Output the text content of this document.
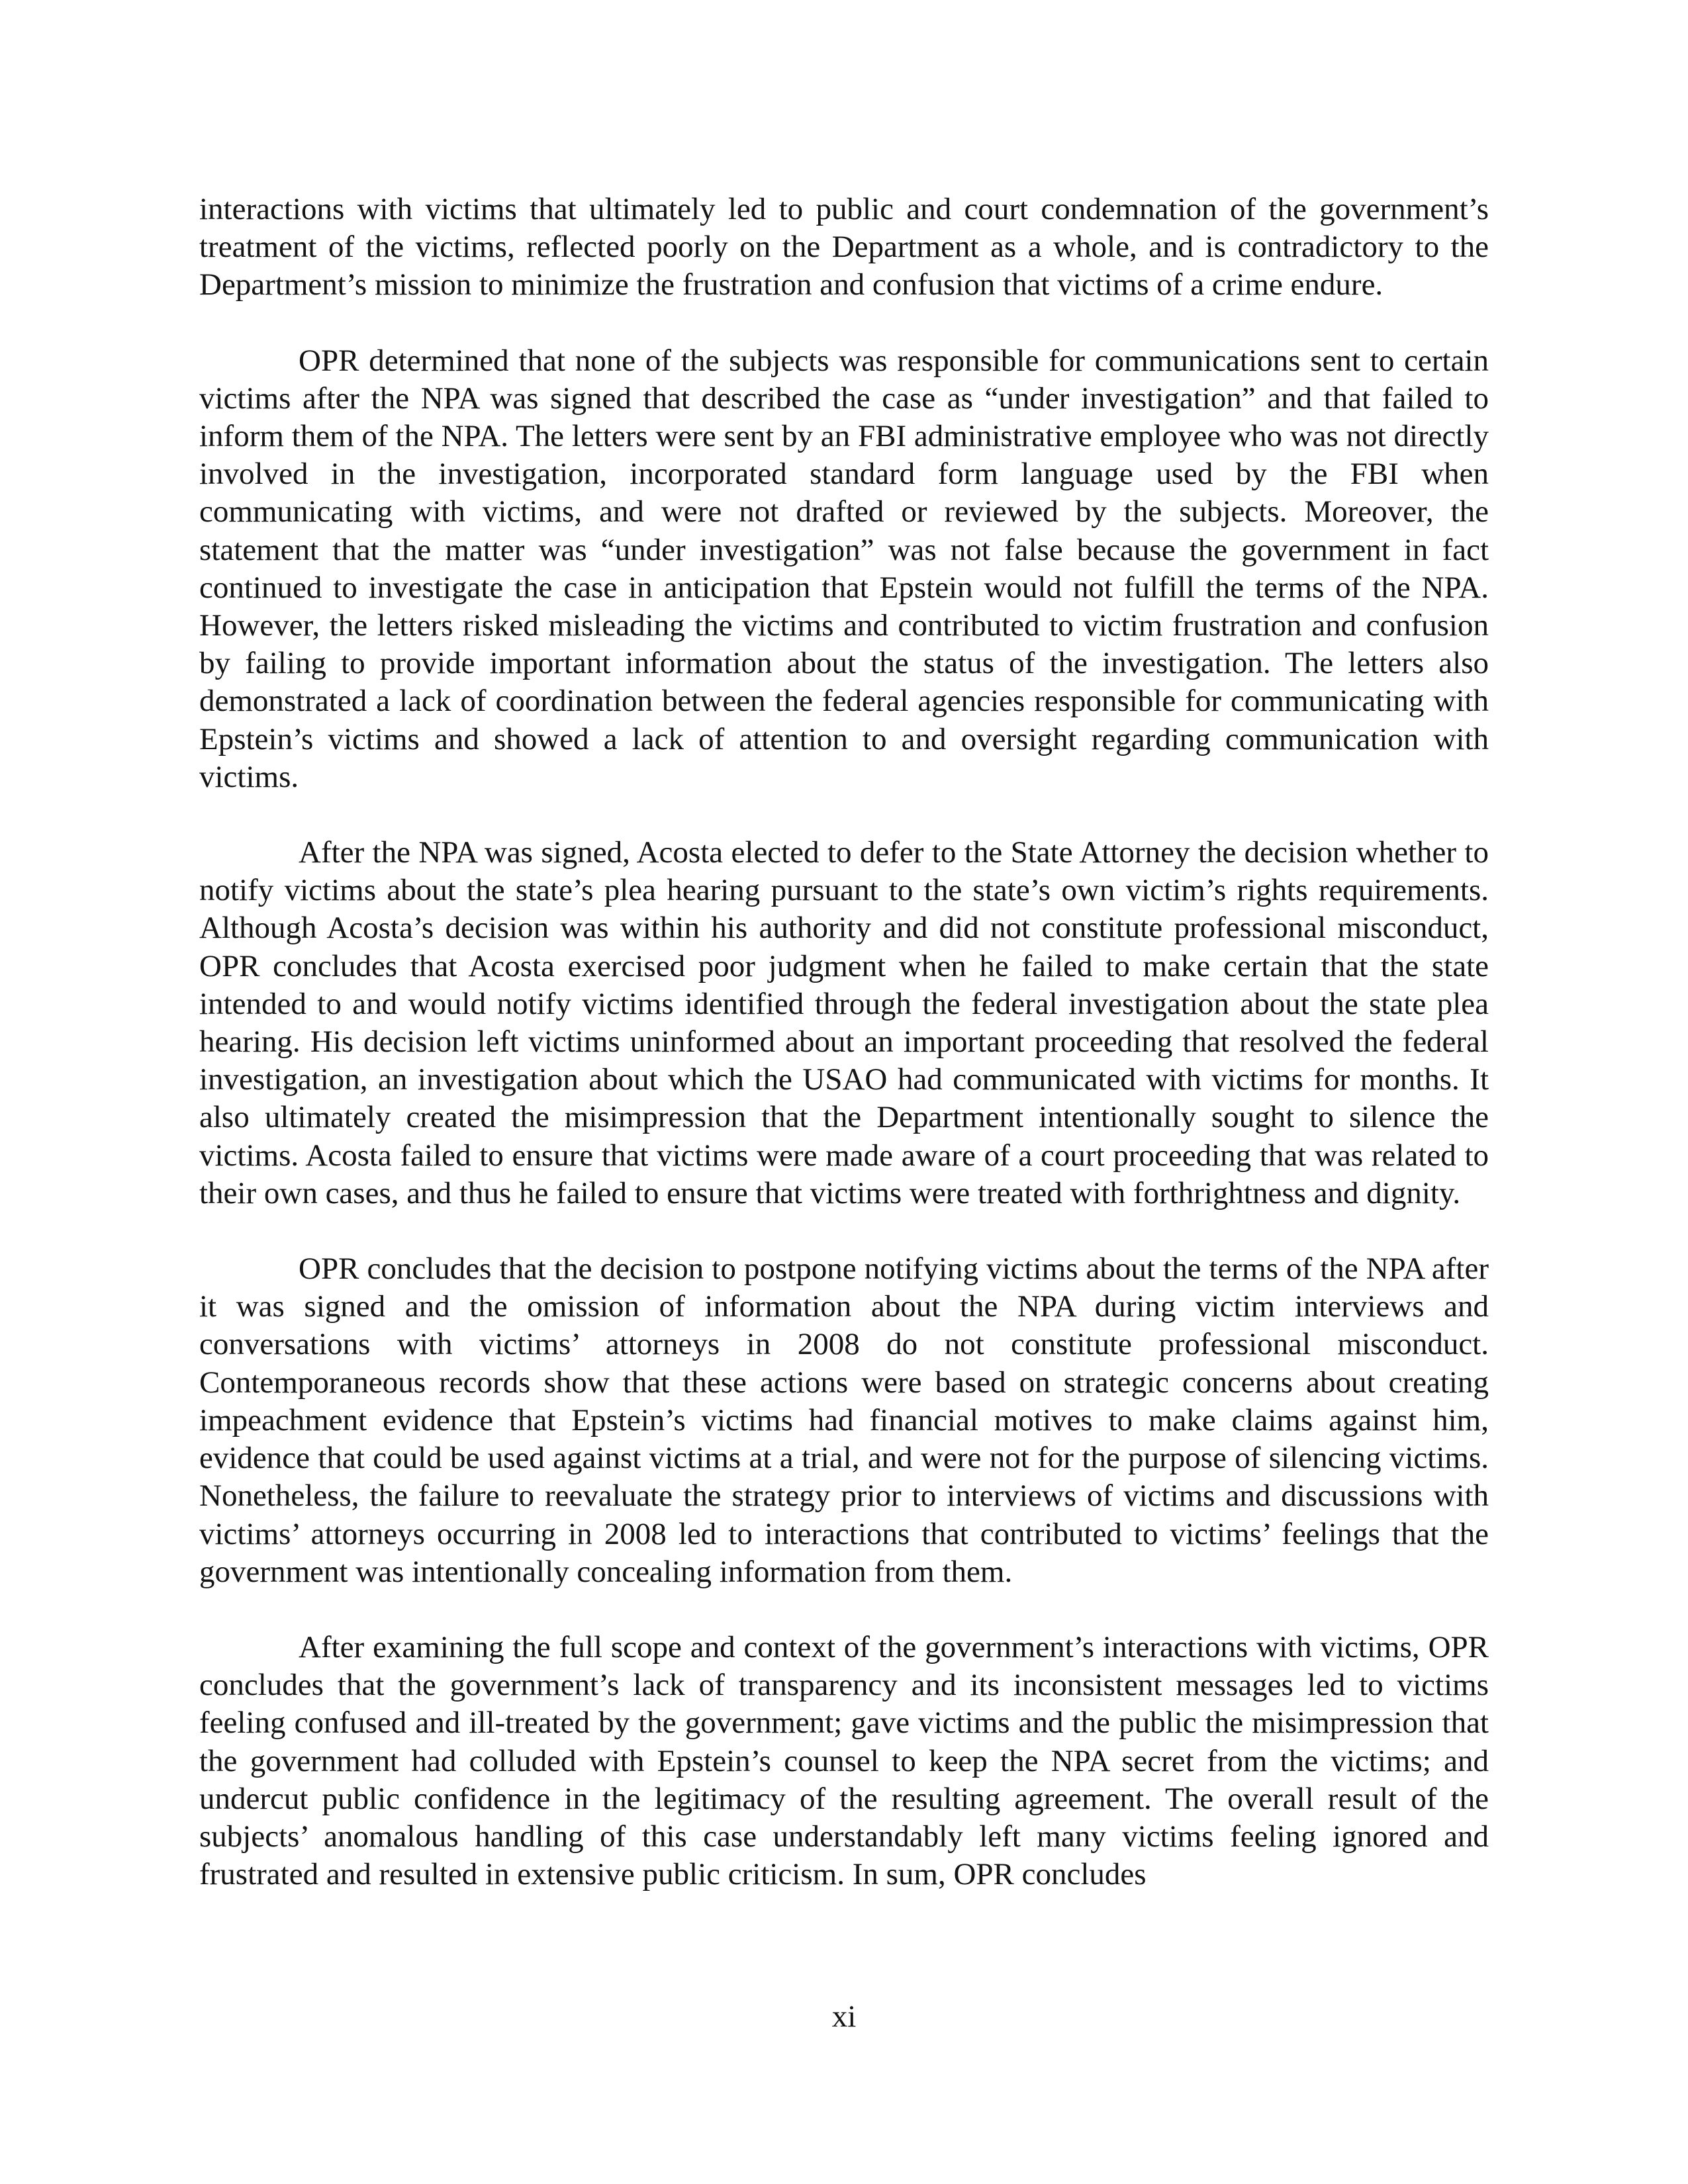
interactions with victims that ultimately led to public and court condemnation of the government’s treatment of the victims, reflected poorly on the Department as a whole, and is contradictory to the Department’s mission to minimize the frustration and confusion that victims of a crime endure.

OPR determined that none of the subjects was responsible for communications sent to certain victims after the NPA was signed that described the case as “under investigation” and that failed to inform them of the NPA. The letters were sent by an FBI administrative employee who was not directly involved in the investigation, incorporated standard form language used by the FBI when communicating with victims, and were not drafted or reviewed by the subjects. Moreover, the statement that the matter was “under investigation” was not false because the government in fact continued to investigate the case in anticipation that Epstein would not fulfill the terms of the NPA. However, the letters risked misleading the victims and contributed to victim frustration and confusion by failing to provide important information about the status of the investigation. The letters also demonstrated a lack of coordination between the federal agencies responsible for communicating with Epstein’s victims and showed a lack of attention to and oversight regarding communication with victims.

After the NPA was signed, Acosta elected to defer to the State Attorney the decision whether to notify victims about the state’s plea hearing pursuant to the state’s own victim’s rights requirements. Although Acosta’s decision was within his authority and did not constitute professional misconduct, OPR concludes that Acosta exercised poor judgment when he failed to make certain that the state intended to and would notify victims identified through the federal investigation about the state plea hearing. His decision left victims uninformed about an important proceeding that resolved the federal investigation, an investigation about which the USAO had communicated with victims for months. It also ultimately created the misimpression that the Department intentionally sought to silence the victims. Acosta failed to ensure that victims were made aware of a court proceeding that was related to their own cases, and thus he failed to ensure that victims were treated with forthrightness and dignity.

OPR concludes that the decision to postpone notifying victims about the terms of the NPA after it was signed and the omission of information about the NPA during victim interviews and conversations with victims’ attorneys in 2008 do not constitute professional misconduct. Contemporaneous records show that these actions were based on strategic concerns about creating impeachment evidence that Epstein’s victims had financial motives to make claims against him, evidence that could be used against victims at a trial, and were not for the purpose of silencing victims. Nonetheless, the failure to reevaluate the strategy prior to interviews of victims and discussions with victims’ attorneys occurring in 2008 led to interactions that contributed to victims’ feelings that the government was intentionally concealing information from them.

After examining the full scope and context of the government’s interactions with victims, OPR concludes that the government’s lack of transparency and its inconsistent messages led to victims feeling confused and ill-treated by the government; gave victims and the public the misimpression that the government had colluded with Epstein’s counsel to keep the NPA secret from the victims; and undercut public confidence in the legitimacy of the resulting agreement. The overall result of the subjects’ anomalous handling of this case understandably left many victims feeling ignored and frustrated and resulted in extensive public criticism. In sum, OPR concludes

xi
